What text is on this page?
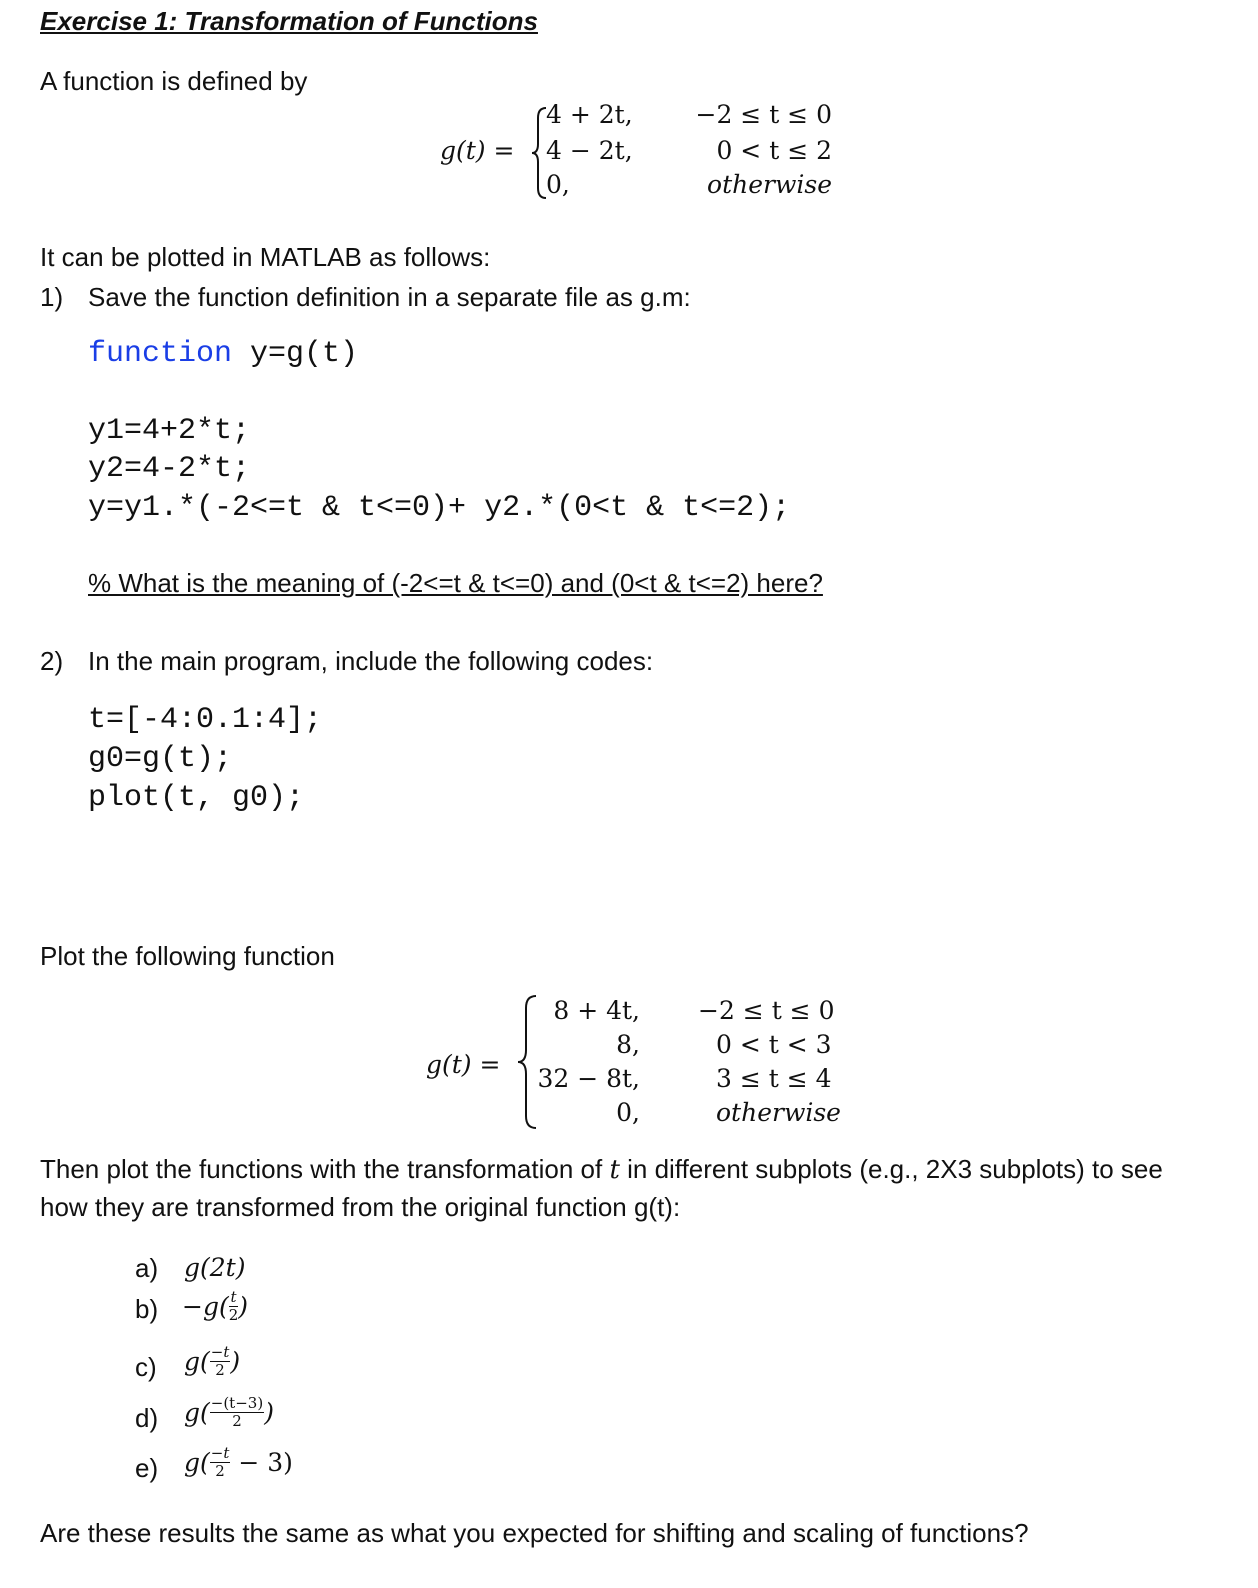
Exercise 1: Transformation of Functions
A function is defined by
g(t) =
4 + 2t,
4 − 2t,
0,
−2 ≤ t ≤ 0
0 < t ≤ 2
otherwise
It can be plotted in MATLAB as follows:
1) Save the function definition in a separate file as g.m:
function y=g(t)
y1=4+2*t;
y2=4-2*t;
y=y1.*(-2<=t & t<=0)+ y2.*(0<t & t<=2);
% What is the meaning of (-2<=t & t<=0) and (0<t & t<=2) here?
2) In the main program, include the following codes:
t=[-4:0.1:4];
g0=g(t);
plot(t, g0);
Plot the following function
g(t) =
8 + 4t,
8,
32 − 8t,
0,
−2 ≤ t ≤ 0
0 < t < 3
3 ≤ t ≤ 4
otherwise
Then plot the functions with the transformation of t in different subplots (e.g., 2X3 subplots) to see
how they are transformed from the original function g(t):
a) g(2t)
$b) -g( \frac{t}{2}$ )
c) $g( \frac{-t}{2}$ )
d) $g( \frac{-(t-3)}{2}$ )
e) $g( \frac{-t}{2} - 3)$
Are these results the same as what you expected for shifting and scaling of functions?
